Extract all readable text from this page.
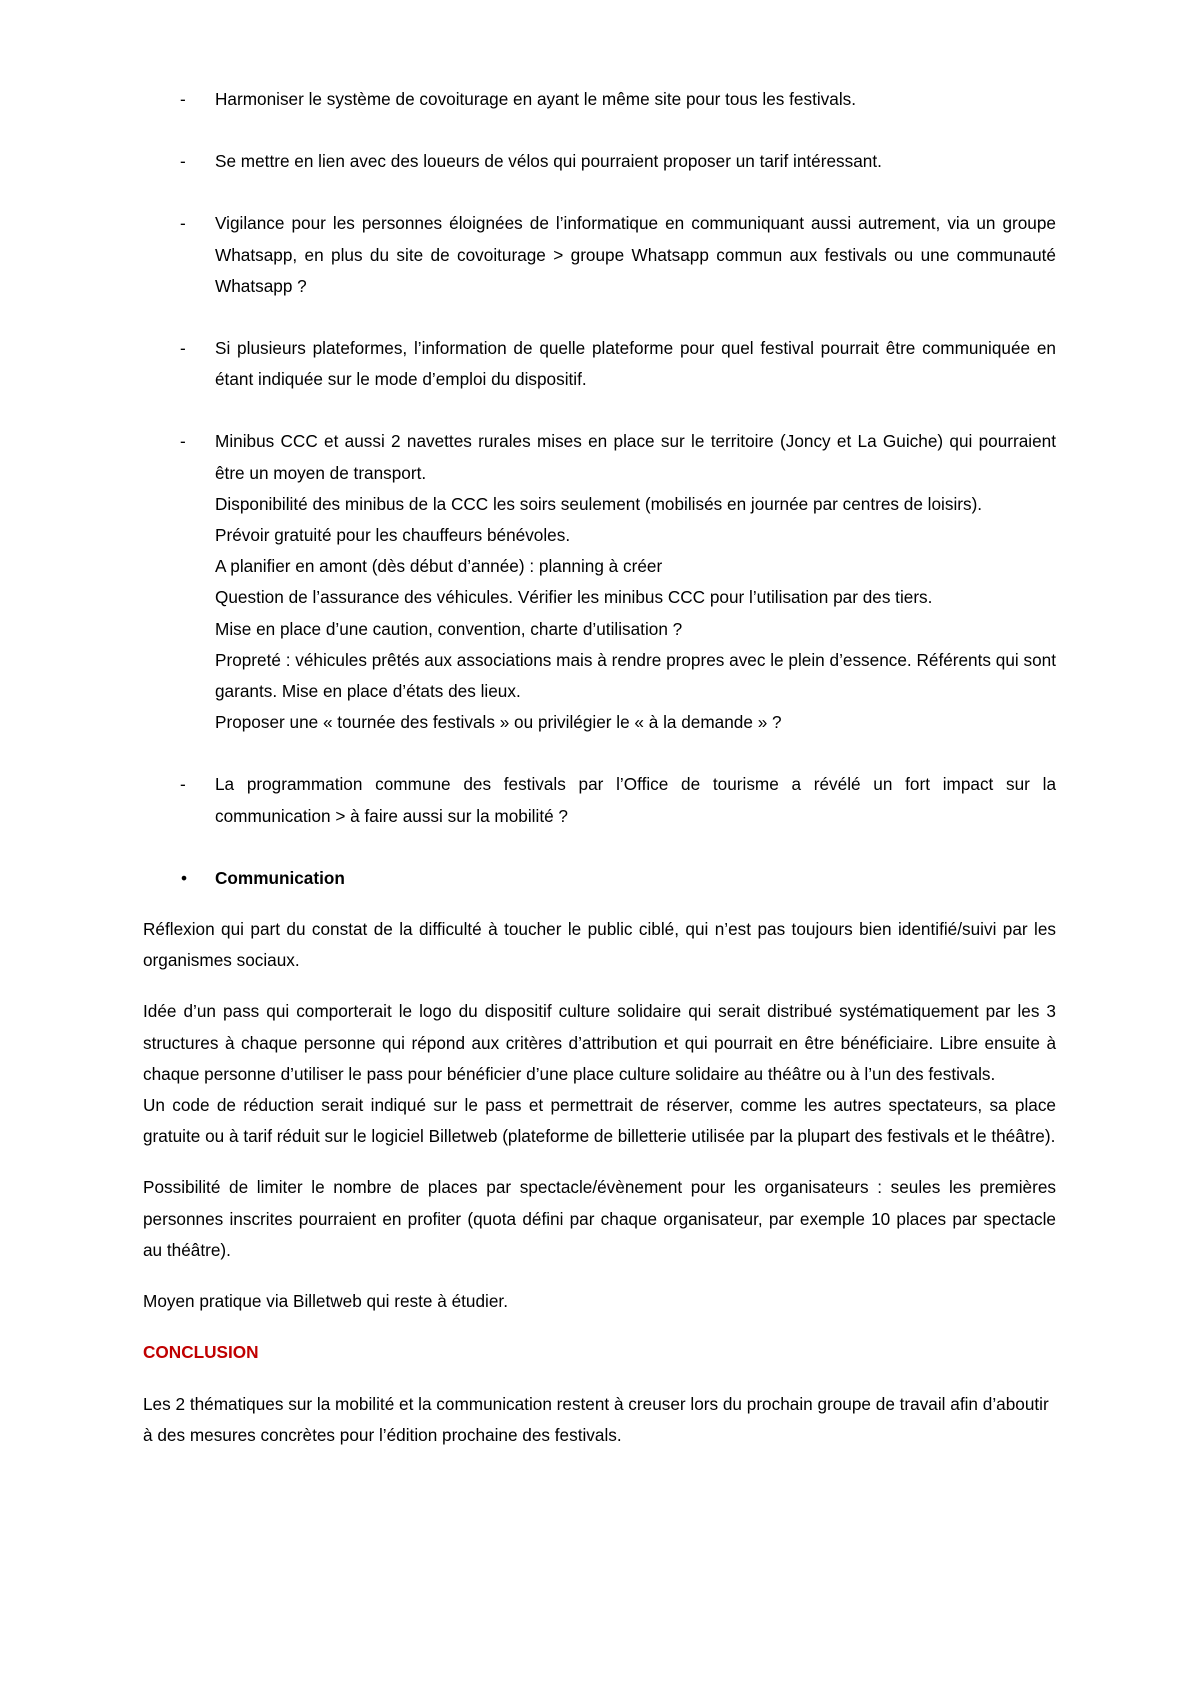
- Harmoniser le système de covoiturage en ayant le même site pour tous les festivals.

- Se mettre en lien avec des loueurs de vélos qui pourraient proposer un tarif intéressant.

- Vigilance pour les personnes éloignées de l’informatique en communiquant aussi autrement, via un groupe Whatsapp, en plus du site de covoiturage > groupe Whatsapp commun aux festivals ou une communauté Whatsapp ?

- Si plusieurs plateformes, l’information de quelle plateforme pour quel festival pourrait être communiquée en étant indiquée sur le mode d’emploi du dispositif.

- Minibus CCC et aussi 2 navettes rurales mises en place sur le territoire (Joncy et La Guiche) qui pourraient être un moyen de transport.

Disponibilité des minibus de la CCC les soirs seulement (mobilisés en journée par centres de loisirs).

Prévoir gratuité pour les chauffeurs bénévoles.

A planifier en amont (dès début d’année) : planning à créer

Question de l’assurance des véhicules. Vérifier les minibus CCC pour l’utilisation par des tiers.

Mise en place d’une caution, convention, charte d’utilisation ?

Propreté : véhicules prêtés aux associations mais à rendre propres avec le plein d’essence. Référents qui sont garants. Mise en place d’états des lieux.

Proposer une « tournée des festivals » ou privilégier le « à la demande » ?

- La programmation commune des festivals par l’Office de tourisme a révélé un fort impact sur la communication > à faire aussi sur la mobilité ?

• Communication

Réflexion qui part du constat de la difficulté à toucher le public ciblé, qui n’est pas toujours bien identifié/suivi par les organismes sociaux.

Idée d’un pass qui comporterait le logo du dispositif culture solidaire qui serait distribué systématiquement par les 3 structures à chaque personne qui répond aux critères d’attribution et qui pourrait en être bénéficiaire. Libre ensuite à chaque personne d’utiliser le pass pour bénéficier d’une place culture solidaire au théâtre ou à l’un des festivals.

Un code de réduction serait indiqué sur le pass et permettrait de réserver, comme les autres spectateurs, sa place gratuite ou à tarif réduit sur le logiciel Billetweb (plateforme de billetterie utilisée par la plupart des festivals et le théâtre).

Possibilité de limiter le nombre de places par spectacle/évènement pour les organisateurs : seules les premières personnes inscrites pourraient en profiter (quota défini par chaque organisateur, par exemple 10 places par spectacle au théâtre).

Moyen pratique via Billetweb qui reste à étudier.

CONCLUSION

Les 2 thématiques sur la mobilité et la communication restent à creuser lors du prochain groupe de travail afin d’aboutir à des mesures concrètes pour l’édition prochaine des festivals.
